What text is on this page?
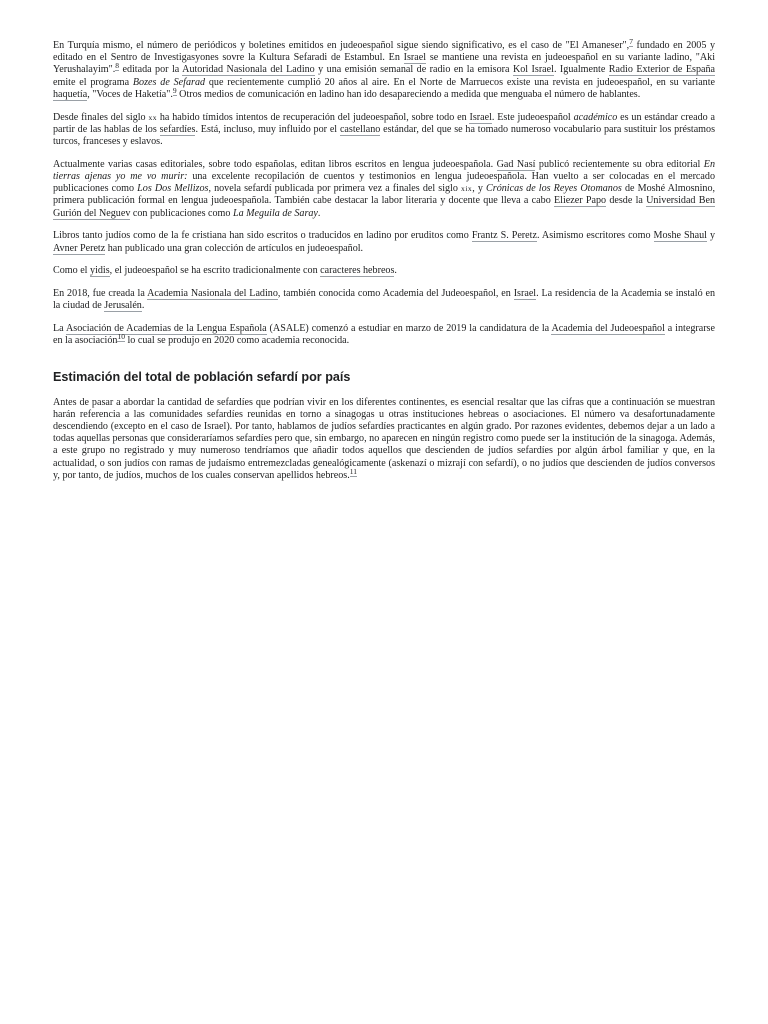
En Turquía mismo, el número de periódicos y boletines emitidos en judeoespañol sigue siendo significativo, es el caso de "El Amaneser",$^7$ fundado en 2005 y editado en el Sentro de Investigasyones sovre la Kultura Sefaradi de Estambul. En Israel se mantiene una revista en judeoespañol en su variante ladino, "Aki Yerushalayim".$^8$ editada por la Autoridad Nasionala del Ladino y una emisión semanal de radio en la emisora Kol Israel. Igualmente Radio Exterior de España emite el programa Bozes de Sefarad que recientemente cumplió 20 años al aire. En el Norte de Marruecos existe una revista en judeoespañol, en su variante haquetía, "Voces de Haketía".$^9$ Otros medios de comunicación en ladino han ido desapareciendo a medida que menguaba el número de hablantes.

Desde finales del siglo xx ha habido tímidos intentos de recuperación del judeoespañol, sobre todo en Israel. Este judeoespañol académico es un estándar creado a partir de las hablas de los sefardíes. Está, incluso, muy influido por el castellano estándar, del que se ha tomado numeroso vocabulario para sustituir los préstamos turcos, franceses y eslavos.

Actualmente varias casas editoriales, sobre todo españolas, editan libros escritos en lengua judeoespañola. Gad Nasí publicó recientemente su obra editorial En tierras ajenas yo me vo murir: una excelente recopilación de cuentos y testimonios en lengua judeoespañola. Han vuelto a ser colocadas en el mercado publicaciones como Los Dos Mellizos, novela sefardí publicada por primera vez a finales del siglo xix, y Crónicas de los Reyes Otomanos de Moshé Almosnino, primera publicación formal en lengua judeoespañola. También cabe destacar la labor literaria y docente que lleva a cabo Eliezer Papo desde la Universidad Ben Gurión del Neguev con publicaciones como La Meguila de Saray.

Libros tanto judíos como de la fe cristiana han sido escritos o traducidos en ladino por eruditos como Frantz S. Peretz. Asimismo escritores como Moshe Shaul y Avner Peretz han publicado una gran colección de artículos en judeoespañol.

Como el yidis, el judeoespañol se ha escrito tradicionalmente con caracteres hebreos.

En 2018, fue creada la Academia Nasionala del Ladino, también conocida como Academia del Judeoespañol, en Israel. La residencia de la Academia se instaló en la ciudad de Jerusalén.

La Asociación de Academias de la Lengua Española (ASALE) comenzó a estudiar en marzo de 2019 la candidatura de la Academia del Judeoespañol a integrarse en la asociación$^{10}$ lo cual se produjo en 2020 como academia reconocida.

Estimación del total de población sefardí por país

Antes de pasar a abordar la cantidad de sefardíes que podrían vivir en los diferentes continentes, es esencial resaltar que las cifras que a continuación se muestran harán referencia a las comunidades sefardíes reunidas en torno a sinagogas u otras instituciones hebreas o asociaciones. El número va desafortunadamente descendiendo (excepto en el caso de Israel). Por tanto, hablamos de judíos sefardíes practicantes en algún grado. Por razones evidentes, debemos dejar a un lado a todas aquellas personas que consideraríamos sefardíes pero que, sin embargo, no aparecen en ningún registro como puede ser la institución de la sinagoga. Además, a este grupo no registrado y muy numeroso tendríamos que añadir todos aquellos que descienden de judíos sefardíes por algún árbol familiar y que, en la actualidad, o son judíos con ramas de judaísmo entremezcladas genealógicamente (askenazí o mizrají con sefardí), o no judíos que descienden de judíos conversos y, por tanto, de judíos, muchos de los cuales conservan apellidos hebreos.$^{11}$
